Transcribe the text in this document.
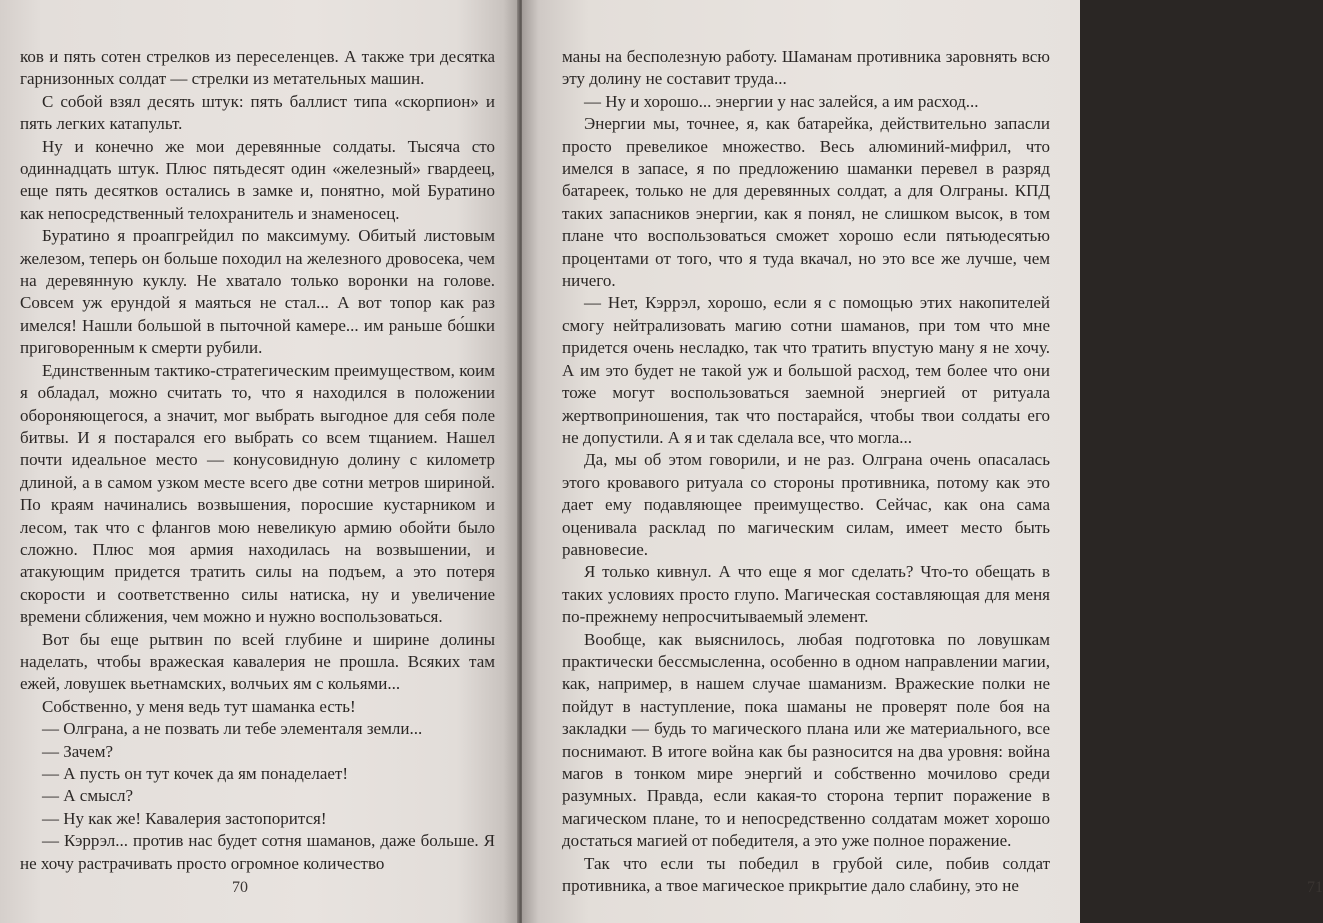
ков и пять сотен стрелков из переселенцев. А также три десятка гарнизонных солдат — стрелки из метательных машин.

С собой взял десять штук: пять баллист типа «скорпион» и пять легких катапульт.

Ну и конечно же мои деревянные солдаты. Тысяча сто одиннадцать штук. Плюс пятьдесят один «железный» гвардеец, еще пять десятков остались в замке и, понятно, мой Буратино как непосредственный телохранитель и знаменосец.

Буратино я проапгрейдил по максимуму. Обитый листовым железом, теперь он больше походил на железного дровосека, чем на деревянную куклу. Не хватало только воронки на голове. Совсем уж ерундой я маяться не стал... А вот топор как раз имелся! Нашли большой в пыточной камере... им раньше бо́шки приговоренным к смерти рубили.

Единственным тактико-стратегическим преимуществом, коим я обладал, можно считать то, что я находился в положении обороняющегося, а значит, мог выбрать выгодное для себя поле битвы. И я постарался его выбрать со всем тщанием. Нашел почти идеальное место — конусовидную долину с километр длиной, а в самом узком месте всего две сотни метров шириной. По краям начинались возвышения, поросшие кустарником и лесом, так что с флангов мою невеликую армию обойти было сложно. Плюс моя армия находилась на возвышении, и атакующим придется тратить силы на подъем, а это потеря скорости и соответственно силы натиска, ну и увеличение времени сближения, чем можно и нужно воспользоваться.

Вот бы еще рытвин по всей глубине и ширине долины наделать, чтобы вражеская кавалерия не прошла. Всяких там ежей, ловушек вьетнамских, волчьих ям с кольями...

Собственно, у меня ведь тут шаманка есть!

— Олграна, а не позвать ли тебе элементаля земли...

— Зачем?

— А пусть он тут кочек да ям понаделает!

— А смысл?

— Ну как же! Кавалерия застопорится!

— Кэррэл... против нас будет сотня шаманов, даже больше. Я не хочу растрачивать просто огромное количество

70

маны на бесполезную работу. Шаманам противника заровнять всю эту долину не составит труда...

— Ну и хорошо... энергии у нас залейся, а им расход...

Энергии мы, точнее, я, как батарейка, действительно запасли просто превеликое множество. Весь алюминий-мифрил, что имелся в запасе, я по предложению шаманки перевел в разряд батареек, только не для деревянных солдат, а для Олграны. КПД таких запасников энергии, как я понял, не слишком высок, в том плане что воспользоваться сможет хорошо если пятьюдесятью процентами от того, что я туда вкачал, но это все же лучше, чем ничего.

— Нет, Кэррэл, хорошо, если я с помощью этих накопителей смогу нейтрализовать магию сотни шаманов, при том что мне придется очень несладко, так что тратить впустую ману я не хочу. А им это будет не такой уж и большой расход, тем более что они тоже могут воспользоваться заемной энергией от ритуала жертвоприношения, так что постарайся, чтобы твои солдаты его не допустили. А я и так сделала все, что могла...

Да, мы об этом говорили, и не раз. Олграна очень опасалась этого кровавого ритуала со стороны противника, потому как это дает ему подавляющее преимущество. Сейчас, как она сама оценивала расклад по магическим силам, имеет место быть равновесие.

Я только кивнул. А что еще я мог сделать? Что-то обещать в таких условиях просто глупо. Магическая составляющая для меня по-прежнему непросчитываемый элемент.

Вообще, как выяснилось, любая подготовка по ловушкам практически бессмысленна, особенно в одном направлении магии, как, например, в нашем случае шаманизм. Вражеские полки не пойдут в наступление, пока шаманы не проверят поле боя на закладки — будь то магического плана или же материального, все поснимают. В итоге война как бы разносится на два уровня: война магов в тонком мире энергий и собственно мочилово среди разумных. Правда, если какая-то сторона терпит поражение в магическом плане, то и непосредственно солдатам может хорошо достаться магией от победителя, а это уже полное поражение.

Так что если ты победил в грубой силе, побив солдат противника, а твое магическое прикрытие дало слабину, это не	71
